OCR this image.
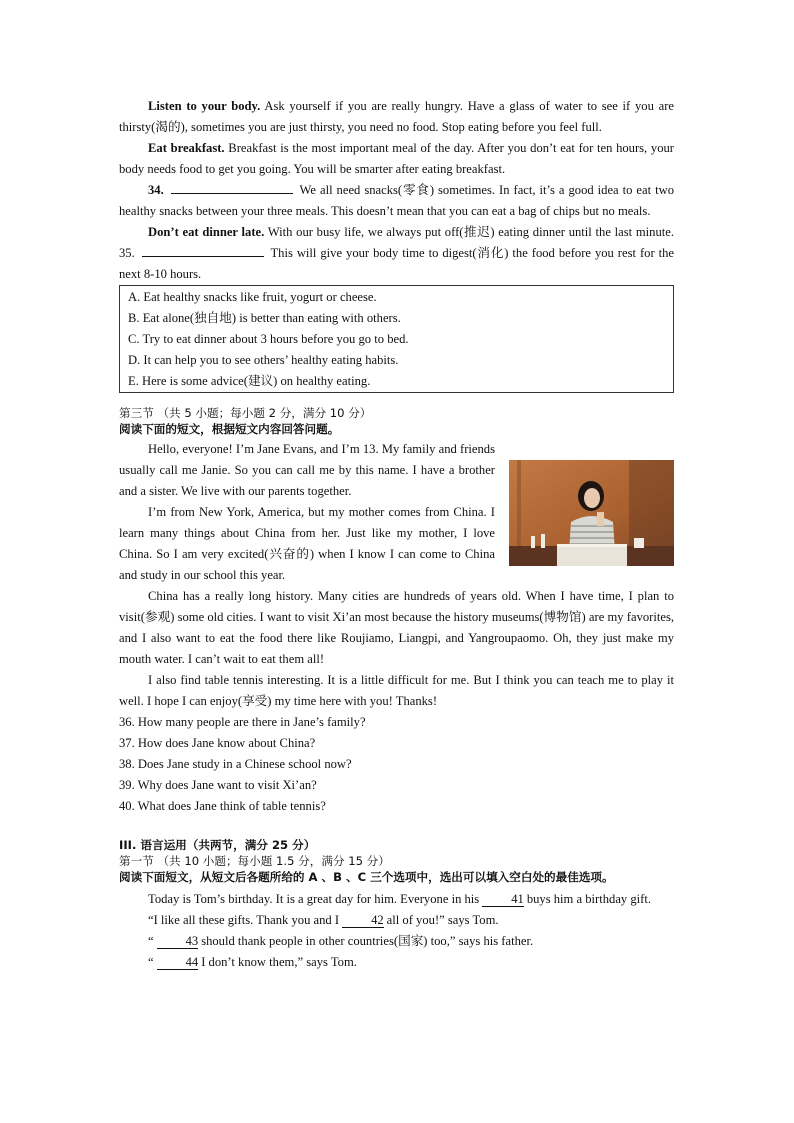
Listen to your body. Ask yourself if you are really hungry. Have a glass of water to see if you are thirsty(渴的), sometimes you are just thirsty, you need no food. Stop eating before you feel full.

Eat breakfast. Breakfast is the most important meal of the day. After you don’t eat for ten hours, your body needs food to get you going. You will be smarter after eating breakfast.

34.	We all need snacks(零食) sometimes. In fact, it’s a good idea to eat two healthy snacks between your three meals. This doesn’t mean that you can eat a bag of chips but no meals.

Don’t eat dinner late. With our busy life, we always put off(推迟) eating dinner until the last minute. 35.	This will give your body time to digest(消化) the food before you rest for the next 8-10 hours.

A. Eat healthy snacks like fruit, yogurt or cheese.

B. Eat alone(独自地) is better than eating with others.

C. Try to eat dinner about 3 hours before you go to bed.

D. It can help you to see others’ healthy eating habits.

E. Here is some advice(建议) on healthy eating.

第三节 （共 5 小题；每小题 2 分，满分 10 分）

阅读下面的短文，根据短文内容回答问题。

Hello, everyone! I’m Jane Evans, and I’m 13. My family and friends usually call me Janie. So you can call me by this name. I have a brother and a sister. We live with our parents together.

I’m from New York, America, but my mother comes from China. I learn many things about China from her. Just like my mother, I love China. So I am very excited(兴奋的) when I know I can come to China and study in our school this year.

China has a really long history. Many cities are hundreds of years old. When I have time, I plan to visit(参观) some old cities. I want to visit Xi’an most because the history museums(博物馆) are my favorites, and I also want to eat the food there like Roujiamo, Liangpi, and Yangroupaomo. Oh, they just make my mouth water. I can’t wait to eat them all!

I also find table tennis interesting. It is a little difficult for me. But I think you can teach me to play it well. I hope I can enjoy(享受) my time here with you! Thanks!

36. How many people are there in Jane’s family?

37. How does Jane know about China?

38. Does Jane study in a Chinese school now?

39. Why does Jane want to visit Xi’an?

40. What does Jane think of table tennis?

III. 语言运用（共两节，满分 25 分）

第一节 （共 10 小题；每小题 1.5 分，满分 15 分）

阅读下面短文，从短文后各题所给的 A 、B 、C 三个选项中，选出可以填入空白处的最佳选项。

Today is Tom’s birthday. It is a great day for him. Everyone in his	41 buys him a birthday gift.

“I like all these gifts. Thank you and I	42 all of you!” says Tom.

“	43 should thank people in other countries(国家) too,” says his father.

“	44 I don’t know them,” says Tom.
